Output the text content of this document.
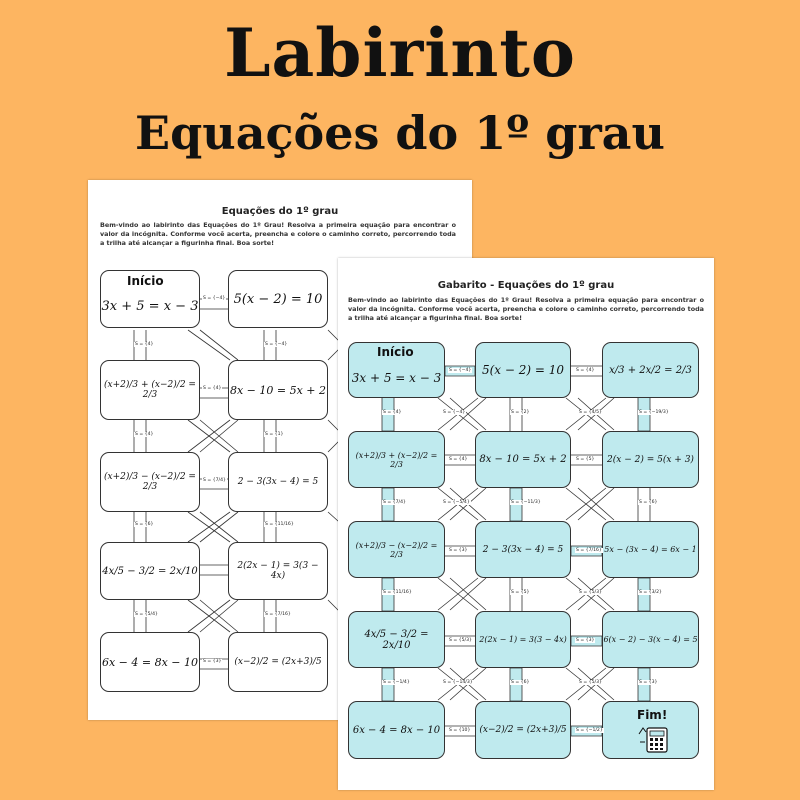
Labirinto
Equações do 1º grau
Equações do 1º grau
Bem-vindo ao labirinto das Equações do 1º Grau! Resolva a primeira equação para encontrar o valor da incógnita. Conforme você acerta, preencha e colore o caminho correto, percorrendo toda a trilha até alcançar a figurinha final. Boa sorte!
Início
3x + 5 = x − 3	5(x − 2) = 10
(x+2)/3 + (x−2)/2 = 2/3	8x − 10 = 5x + 2
(x+2)/3 − (x−2)/2 = 2/3	2 − 3(3x − 4) = 5
4x/5 − 3/2 = 2x/10	2(2x − 1) = 3(3 − 4x)
6x − 4 = 8x − 10	(x−2)/2 = (2x+3)/5
S = {−4}
S = {4}	S = {−4}
S = {4}
S = {4}	S = {1}
S = {7/4}
S = {6}	S = {11/16}
S = {5/4}
S = {3}
S = {7/16}
Gabarito - Equações do 1º grau
Bem-vindo ao labirinto das Equações do 1º Grau! Resolva a primeira equação para encontrar o valor da incógnita. Conforme você acerta, preencha e colore o caminho correto, percorrendo toda a trilha até alcançar a figurinha final. Boa sorte!
Início
3x + 5 = x − 3
5(x − 2) = 10	x/3 + 2x/2 = 2/3
(x+2)/3 + (x−2)/2 = 2/3	8x − 10 = 5x + 2	2(x − 2) = 5(x + 3)
(x+2)/3 − (x−2)/2 = 2/3	2 − 3(3x − 4) = 5	5x − (3x − 4) = 6x − 1
4x/5 − 3/2 = 2x/10	2(2x − 1) = 3(3 − 4x)	6(x − 2) − 3(x − 4) = 5
6x − 4 = 8x − 10	(x−2)/2 = (2x+3)/5
Fim!
S = {−4}	S = {4}
S = {4}	S = {−4}	S = {2}	S = {4/5}	S = {−19/3}
S = {4}	S = {5}
S = {7/4}	S = {−5/4}	S = {−11/3}	S = {6}
S = {3}	S = {7/16}
S = {11/16}	S = {5}	S = {5/3}	S = {3/2}
S = {5/3}	S = {3}
S = {−1/4}	S = {−14/3}	S = {6}	S = {5/3}	S = {3}
S = {10}	S = {−1/2}
